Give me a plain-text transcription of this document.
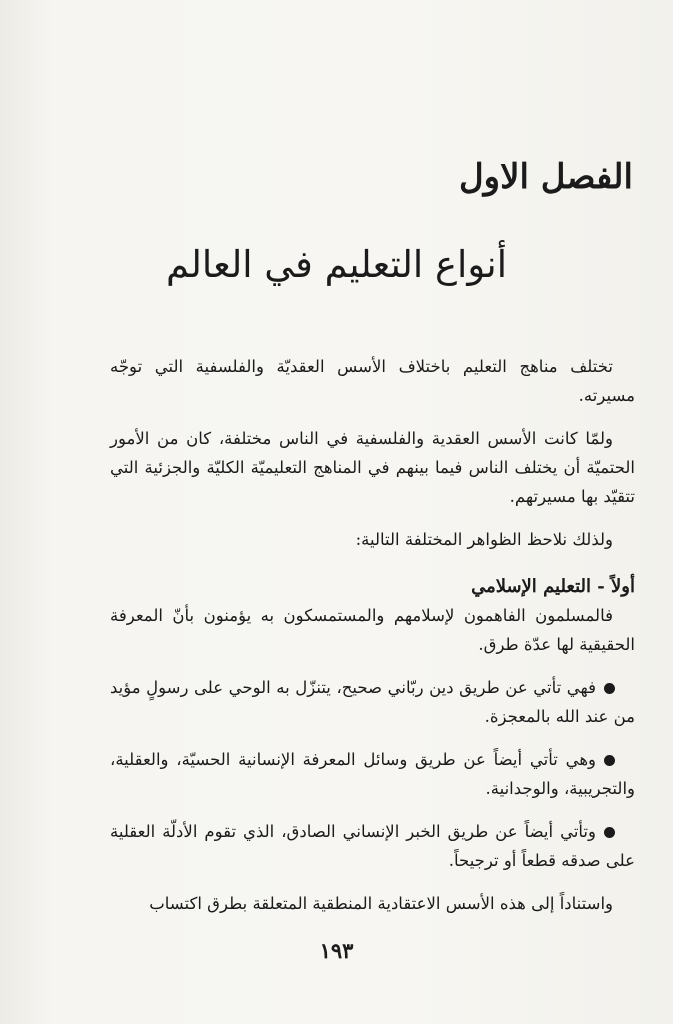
الفصل الاول
أنواع التعليم في العالم

تختلف مناهج التعليم باختلاف الأسس العقديّة والفلسفية التي توجّه مسيرته.

ولمّا كانت الأسس العقدية والفلسفية في الناس مختلفة، كان من الأمور الحتميّة أن يختلف الناس فيما بينهم في المناهج التعليميّة الكليّة والجزئية التي تتقيّد بها مسيرتهم.

ولذلك نلاحظ الظواهر المختلفة التالية:

أولاً - التعليم الإسلامي

فالمسلمون الفاهمون لإسلامهم والمستمسكون به يؤمنون بأنّ المعرفة الحقيقية لها عدّة طرق.

فهي تأتي عن طريق دين ربّاني صحيح، يتنزّل به الوحي على رسولٍ مؤيد من عند الله بالمعجزة.

وهي تأتي أيضاً عن طريق وسائل المعرفة الإنسانية الحسيّة، والعقلية، والتجريبية، والوجدانية.

وتأتي أيضاً عن طريق الخبر الإنساني الصادق، الذي تقوم الأدلّة العقلية على صدقه قطعاً أو ترجيحاً.

واستناداً إلى هذه الأسس الاعتقادية المنطقية المتعلقة بطرق اكتساب

١٩٣
